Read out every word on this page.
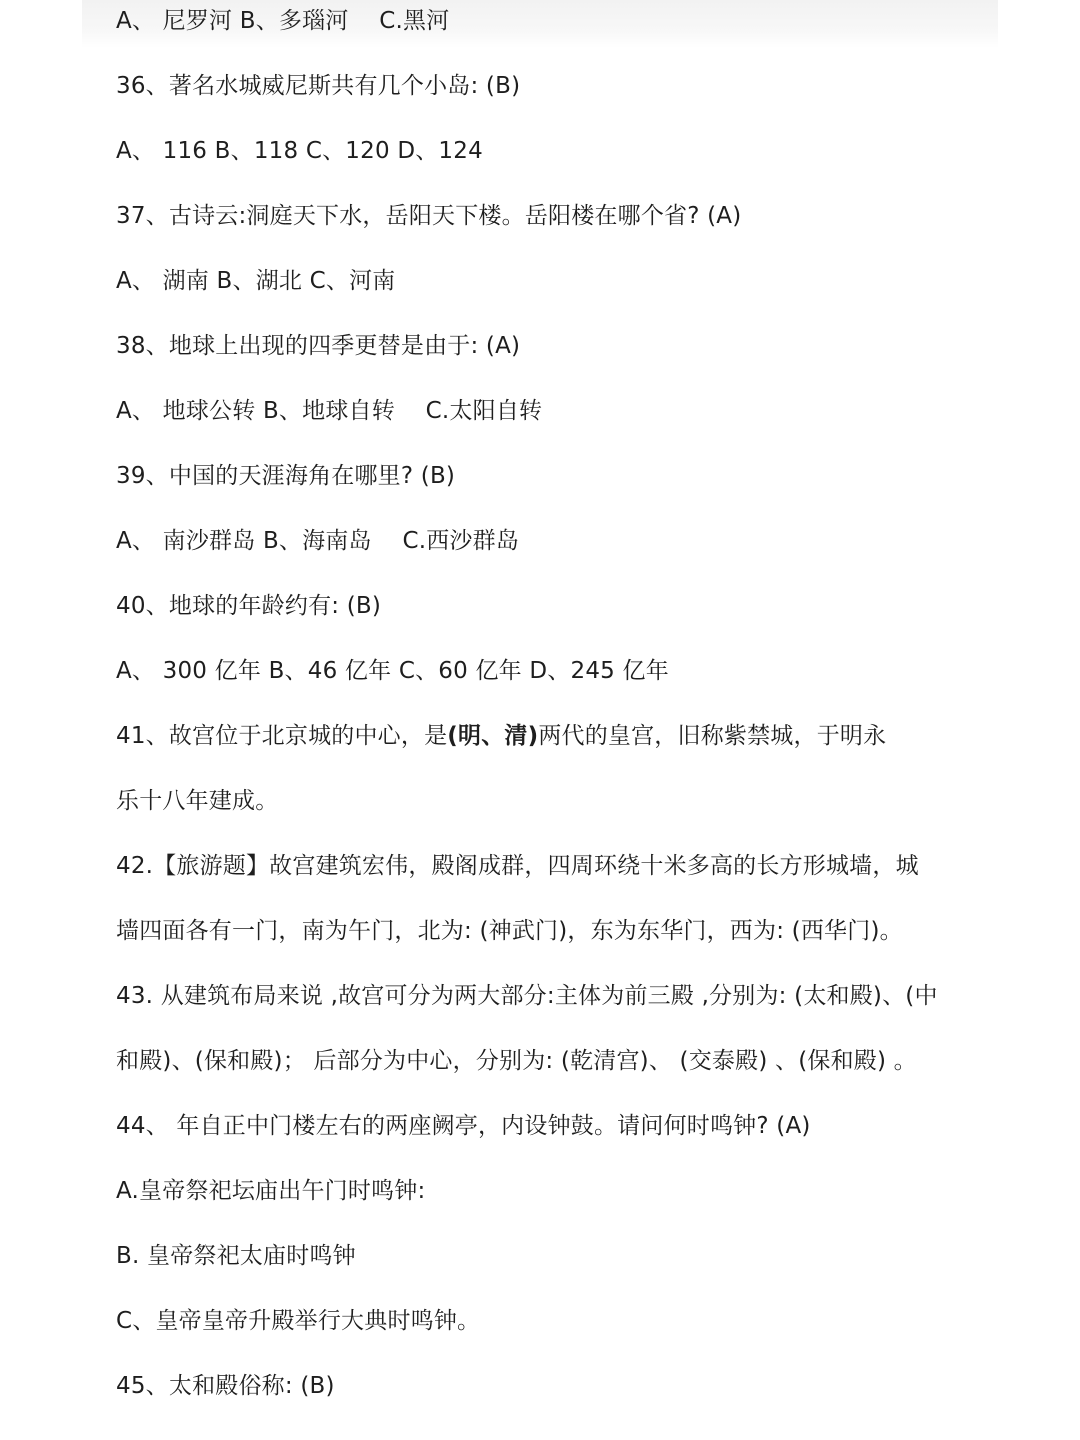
A、 尼罗河 B、多瑙河 　C.黑河
36、著名水城威尼斯共有几个小岛: (B)
A、 116 B、118 C、120 D、124
37、古诗云:洞庭天下水，岳阳天下楼。岳阳楼在哪个省? (A)
A、 湖南 B、湖北 C、河南
38、地球上出现的四季更替是由于: (A)
A、 地球公转 B、地球自转 　C.太阳自转
39、中国的天涯海角在哪里? (B)
A、 南沙群岛 B、海南岛 　C.西沙群岛
40、地球的年龄约有: (B)
A、 300 亿年 B、46 亿年 C、60 亿年 D、245 亿年
41、故宫位于北京城的中心，是(明、清)两代的皇宫，旧称紫禁城，于明永
乐十八年建成。
42.【旅游题】故宫建筑宏伟，殿阁成群，四周环绕十米多高的长方形城墙，城
墙四面各有一门，南为午门，北为: (神武门)，东为东华门，西为: (西华门)。
43. 从建筑布局来说 ,故宫可分为两大部分:主体为前三殿 ,分别为: (太和殿)、(中
和殿)、(保和殿)； 后部分为中心，分别为: (乾清宫)、 (交泰殿) 、(保和殿) 。
44、 年自正中门楼左右的两座阙亭，内设钟鼓。请问何时鸣钟? (A)
A.皇帝祭祀坛庙出午门时鸣钟:
B. 皇帝祭祀太庙时鸣钟
C、皇帝皇帝升殿举行大典时鸣钟。
45、太和殿俗称: (B)
